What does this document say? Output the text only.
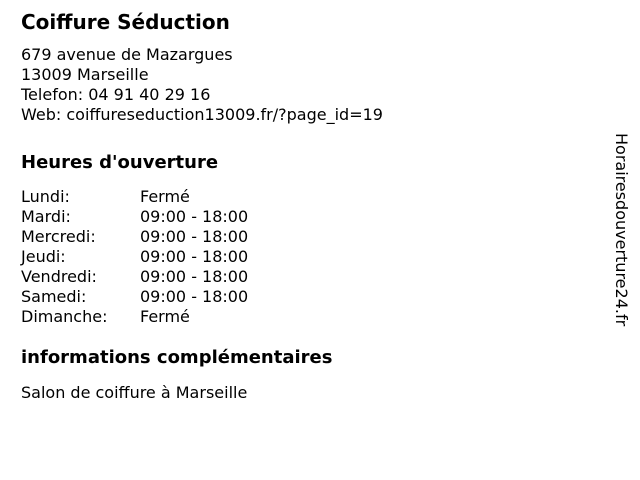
Coiffure Séduction
679 avenue de Mazargues
13009 Marseille
Telefon: 04 91 40 29 16
Web: coiffureseduction13009.fr/?page_id=19
Heures d'ouverture
Lundi:	Fermé
Mardi:	09:00 - 18:00
Mercredi:	09:00 - 18:00
Jeudi:	09:00 - 18:00
Vendredi:	09:00 - 18:00
Samedi:	09:00 - 18:00
Dimanche:	Fermé
informations complémentaires
Salon de coiffure à Marseille
Horairesdouverture24.fr
